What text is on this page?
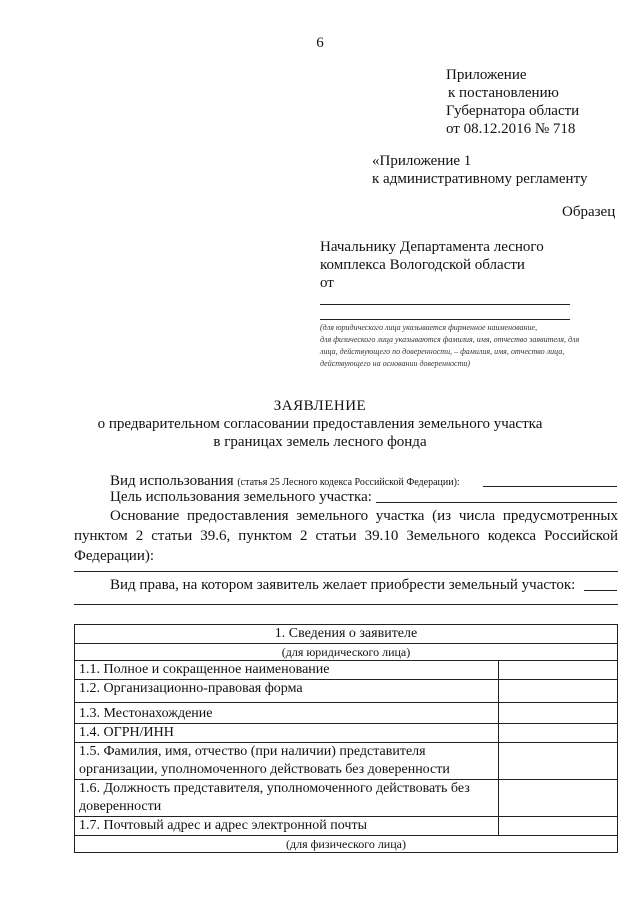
6
Приложение
к постановлению
Губернатора области
от 08.12.2016 № 718
«Приложение 1
к административному регламенту
Образец
Начальнику Департамента лесного
комплекса Вологодской области
от
(для юридического лица указывается фирменное наименование,
для физического лица указываются фамилия, имя, отчество заявителя, для
лица, действующего по доверенности, – фамилия, имя, отчество лица,
действующего на основании доверенности)
ЗАЯВЛЕНИЕ
о предварительном согласовании предоставления земельного участка
в границах земель лесного фонда
Вид использования (статья 25 Лесного кодекса Российской Федерации):
Цель использования земельного участка:
Основание предоставления земельного участка (из числа предусмотренных пунктом 2 статьи 39.6, пунктом 2 статьи 39.10 Земельного кодекса Российской Федерации):
Вид права, на котором заявитель желает приобрести земельный участок:
1. Сведения о заявителе	
(для юридического лица)	
1.1. Полное и сокращенное наименование	
1.2. Организационно-правовая форма	
1.3. Местонахождение	
1.4. ОГРН/ИНН	
1.5. Фамилия, имя, отчество (при наличии) представителя организации, уполномоченного действовать без доверенности	
1.6. Должность представителя, уполномоченного действовать без доверенности	
1.7. Почтовый адрес и адрес электронной почты	
(для физического лица)	
